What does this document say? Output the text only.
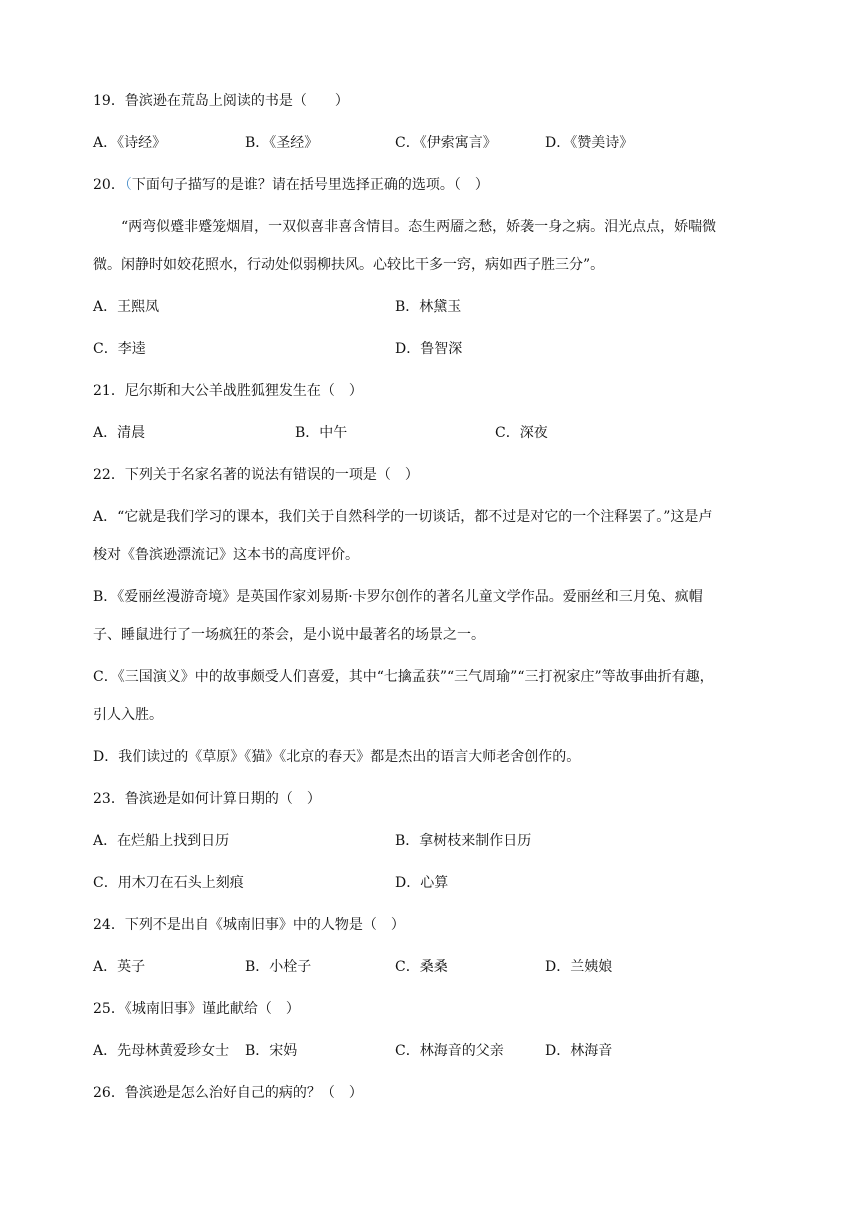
19．鲁滨逊在荒岛上阅读的书是（　　）
A．《诗经》	B．《圣经》	C．《伊索寓言》	D．《赞美诗》
20．（下面句子描写的是谁？请在括号里选择正确的选项。（　）
“两弯似蹙非蹙笼烟眉，一双似喜非喜含情目。态生两靥之愁，娇袭一身之病。泪光点点，娇喘微
微。闲静时如姣花照水，行动处似弱柳扶风。心较比干多一窍，病如西子胜三分”。
A．王熙凤	B．林黛玉
C．李逵	D．鲁智深
21．尼尔斯和大公羊战胜狐狸发生在（　）
A．清晨	B．中午	C．深夜
22．下列关于名家名著的说法有错误的一项是（　）
A．“它就是我们学习的课本，我们关于自然科学的一切谈话，都不过是对它的一个注释罢了。”这是卢
梭对《鲁滨逊漂流记》这本书的高度评价。
B．《爱丽丝漫游奇境》是英国作家刘易斯·卡罗尔创作的著名儿童文学作品。爱丽丝和三月兔、疯帽
子、睡鼠进行了一场疯狂的茶会，是小说中最著名的场景之一。
C．《三国演义》中的故事颇受人们喜爱，其中“七擒孟获”“三气周瑜”“三打祝家庄”等故事曲折有趣，
引人入胜。
D．我们读过的《草原》《猫》《北京的春天》都是杰出的语言大师老舍创作的。
23．鲁滨逊是如何计算日期的（　）
A．在烂船上找到日历	B．拿树枝来制作日历
C．用木刀在石头上刻痕	D．心算
24．下列不是出自《城南旧事》中的人物是（　）
A．英子	B．小栓子	C．桑桑	D．兰姨娘
25．《城南旧事》谨此献给（　）
A．先母林黄爱珍女士 B．宋妈	C．林海音的父亲	D．林海音
26．鲁滨逊是怎么治好自己的病的？（　）
